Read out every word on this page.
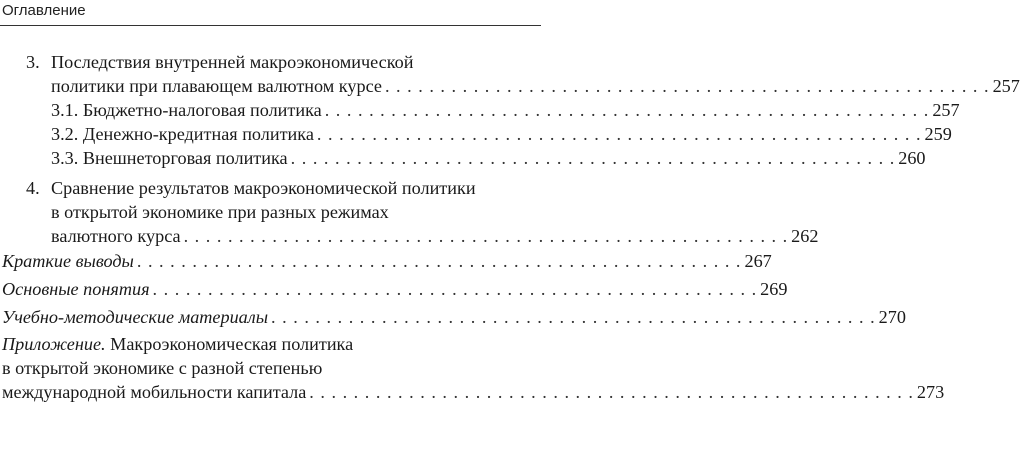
Оглавление
3. Последствия внутренней макроэкономической
политики при плавающем валютном курсе . . . . . . . . . . . . . . . . . . . . . . . . . . . . . . . . . . . . . . . . . . . . . . . . . . . . . . . 257
3.1. Бюджетно-налоговая политика . . . . . . . . . . . . . . . . . . . . . . . . . . . . . . . . . . . . . . . . . . . . . . . . . . . . . . . 257
3.2. Денежно-кредитная политика . . . . . . . . . . . . . . . . . . . . . . . . . . . . . . . . . . . . . . . . . . . . . . . . . . . . . . . 259
3.3. Внешнеторговая политика . . . . . . . . . . . . . . . . . . . . . . . . . . . . . . . . . . . . . . . . . . . . . . . . . . . . . . . 260
4. Сравнение результатов макроэкономической политики
в открытой экономике при разных режимах
валютного курса . . . . . . . . . . . . . . . . . . . . . . . . . . . . . . . . . . . . . . . . . . . . . . . . . . . . . . . 262
Краткие выводы . . . . . . . . . . . . . . . . . . . . . . . . . . . . . . . . . . . . . . . . . . . . . . . . . . . . . . . 267
Основные понятия . . . . . . . . . . . . . . . . . . . . . . . . . . . . . . . . . . . . . . . . . . . . . . . . . . . . . . . 269
Учебно-методические материалы . . . . . . . . . . . . . . . . . . . . . . . . . . . . . . . . . . . . . . . . . . . . . . . . . . . . . . . 270
Приложение. Макроэкономическая политика
в открытой экономике с разной степенью
международной мобильности капитала . . . . . . . . . . . . . . . . . . . . . . . . . . . . . . . . . . . . . . . . . . . . . . . . . . . . . . . 273
